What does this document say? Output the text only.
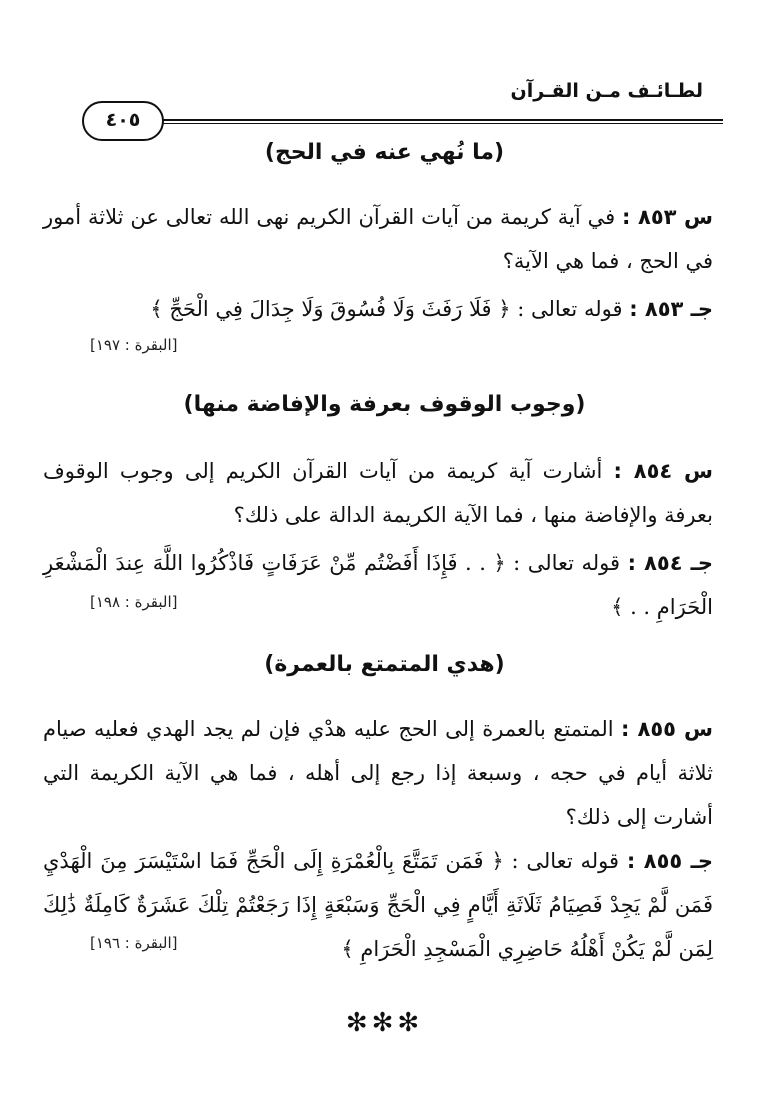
لطـائـف مـن القـرآن
٤٠٥
(ما نُهي عنه في الحج)
س ٨٥٣ : في آية كريمة من آيات القرآن الكريم نهى الله تعالى عن ثلاثة أمور في الحج ، فما هي الآية؟
جـ ٨٥٣ : قوله تعالى : ﴿ فَلَا رَفَثَ وَلَا فُسُوقَ وَلَا جِدَالَ فِي الْحَجِّ ﴾
[البقرة : ١٩٧]
(وجوب الوقوف بعرفة والإفاضة منها)
س ٨٥٤ : أشارت آية كريمة من آيات القرآن الكريم إلى وجوب الوقوف بعرفة والإفاضة منها ، فما الآية الكريمة الدالة على ذلك؟
جـ ٨٥٤ : قوله تعالى : ﴿ . . فَإِذَا أَفَضْتُم مِّنْ عَرَفَاتٍ فَاذْكُرُوا اللَّهَ عِندَ الْمَشْعَرِ الْحَرَامِ . . ﴾
[البقرة : ١٩٨]
(هدي المتمتع بالعمرة)
س ٨٥٥ : المتمتع بالعمرة إلى الحج عليه هدْي فإن لم يجد الهدي فعليه صيام ثلاثة أيام في حجه ، وسبعة إذا رجع إلى أهله ، فما هي الآية الكريمة التي أشارت إلى ذلك؟
جـ ٨٥٥ : قوله تعالى : ﴿ فَمَن تَمَتَّعَ بِالْعُمْرَةِ إِلَى الْحَجِّ فَمَا اسْتَيْسَرَ مِنَ الْهَدْيِ فَمَن لَّمْ يَجِدْ فَصِيَامُ ثَلَاثَةِ أَيَّامٍ فِي الْحَجِّ وَسَبْعَةٍ إِذَا رَجَعْتُمْ تِلْكَ عَشَرَةٌ كَامِلَةٌ ذَٰلِكَ لِمَن لَّمْ يَكُنْ أَهْلُهُ حَاضِرِي الْمَسْجِدِ الْحَرَامِ ﴾
[البقرة : ١٩٦]
✻✻✻
